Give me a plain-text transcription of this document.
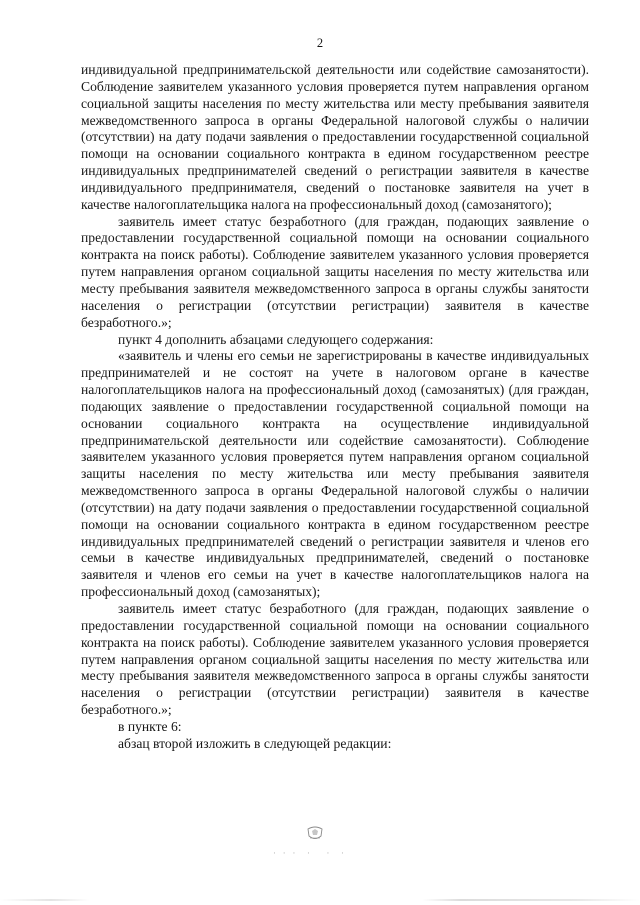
2

индивидуальной предпринимательской деятельности или содействие самозанятости). Соблюдение заявителем указанного условия проверяется путем направления органом социальной защиты населения по месту жительства или месту пребывания заявителя межведомственного запроса в органы Федеральной налоговой службы о наличии (отсутствии) на дату подачи заявления о предоставлении государственной социальной помощи на основании социального контракта в едином государственном реестре индивидуальных предпринимателей сведений о регистрации заявителя в качестве индивидуального предпринимателя, сведений о постановке заявителя на учет в качестве налогоплательщика налога на профессиональный доход (самозанятого);

заявитель имеет статус безработного (для граждан, подающих заявление о предоставлении государственной социальной помощи на основании социального контракта на поиск работы). Соблюдение заявителем указанного условия проверяется путем направления органом социальной защиты населения по месту жительства или месту пребывания заявителя межведомственного запроса в органы службы занятости населения о регистрации (отсутствии регистрации) заявителя в качестве безработного.»;

пункт 4 дополнить абзацами следующего содержания:

«заявитель и члены его семьи не зарегистрированы в качестве индивидуальных предпринимателей и не состоят на учете в налоговом органе в качестве налогоплательщиков налога на профессиональный доход (самозанятых) (для граждан, подающих заявление о предоставлении государственной социальной помощи на основании социального контракта на осуществление индивидуальной предпринимательской деятельности или содействие самозанятости). Соблюдение заявителем указанного условия проверяется путем направления органом социальной защиты населения по месту жительства или месту пребывания заявителя межведомственного запроса в органы Федеральной налоговой службы о наличии (отсутствии) на дату подачи заявления о предоставлении государственной социальной помощи на основании социального контракта в едином государственном реестре индивидуальных предпринимателей сведений о регистрации заявителя и членов его семьи в качестве индивидуальных предпринимателей, сведений о постановке заявителя и членов его семьи на учет в качестве налогоплательщиков налога на профессиональный доход (самозанятых);

заявитель имеет статус безработного (для граждан, подающих заявление о предоставлении государственной социальной помощи на основании социального контракта на поиск работы). Соблюдение заявителем указанного условия проверяется путем направления органом социальной защиты населения по месту жительства или месту пребывания заявителя межведомственного запроса в органы службы занятости населения о регистрации (отсутствии регистрации) заявителя в качестве безработного.»;

в пункте 6:

абзац второй изложить в следующей редакции:

· · ·  ·   ·  ·
